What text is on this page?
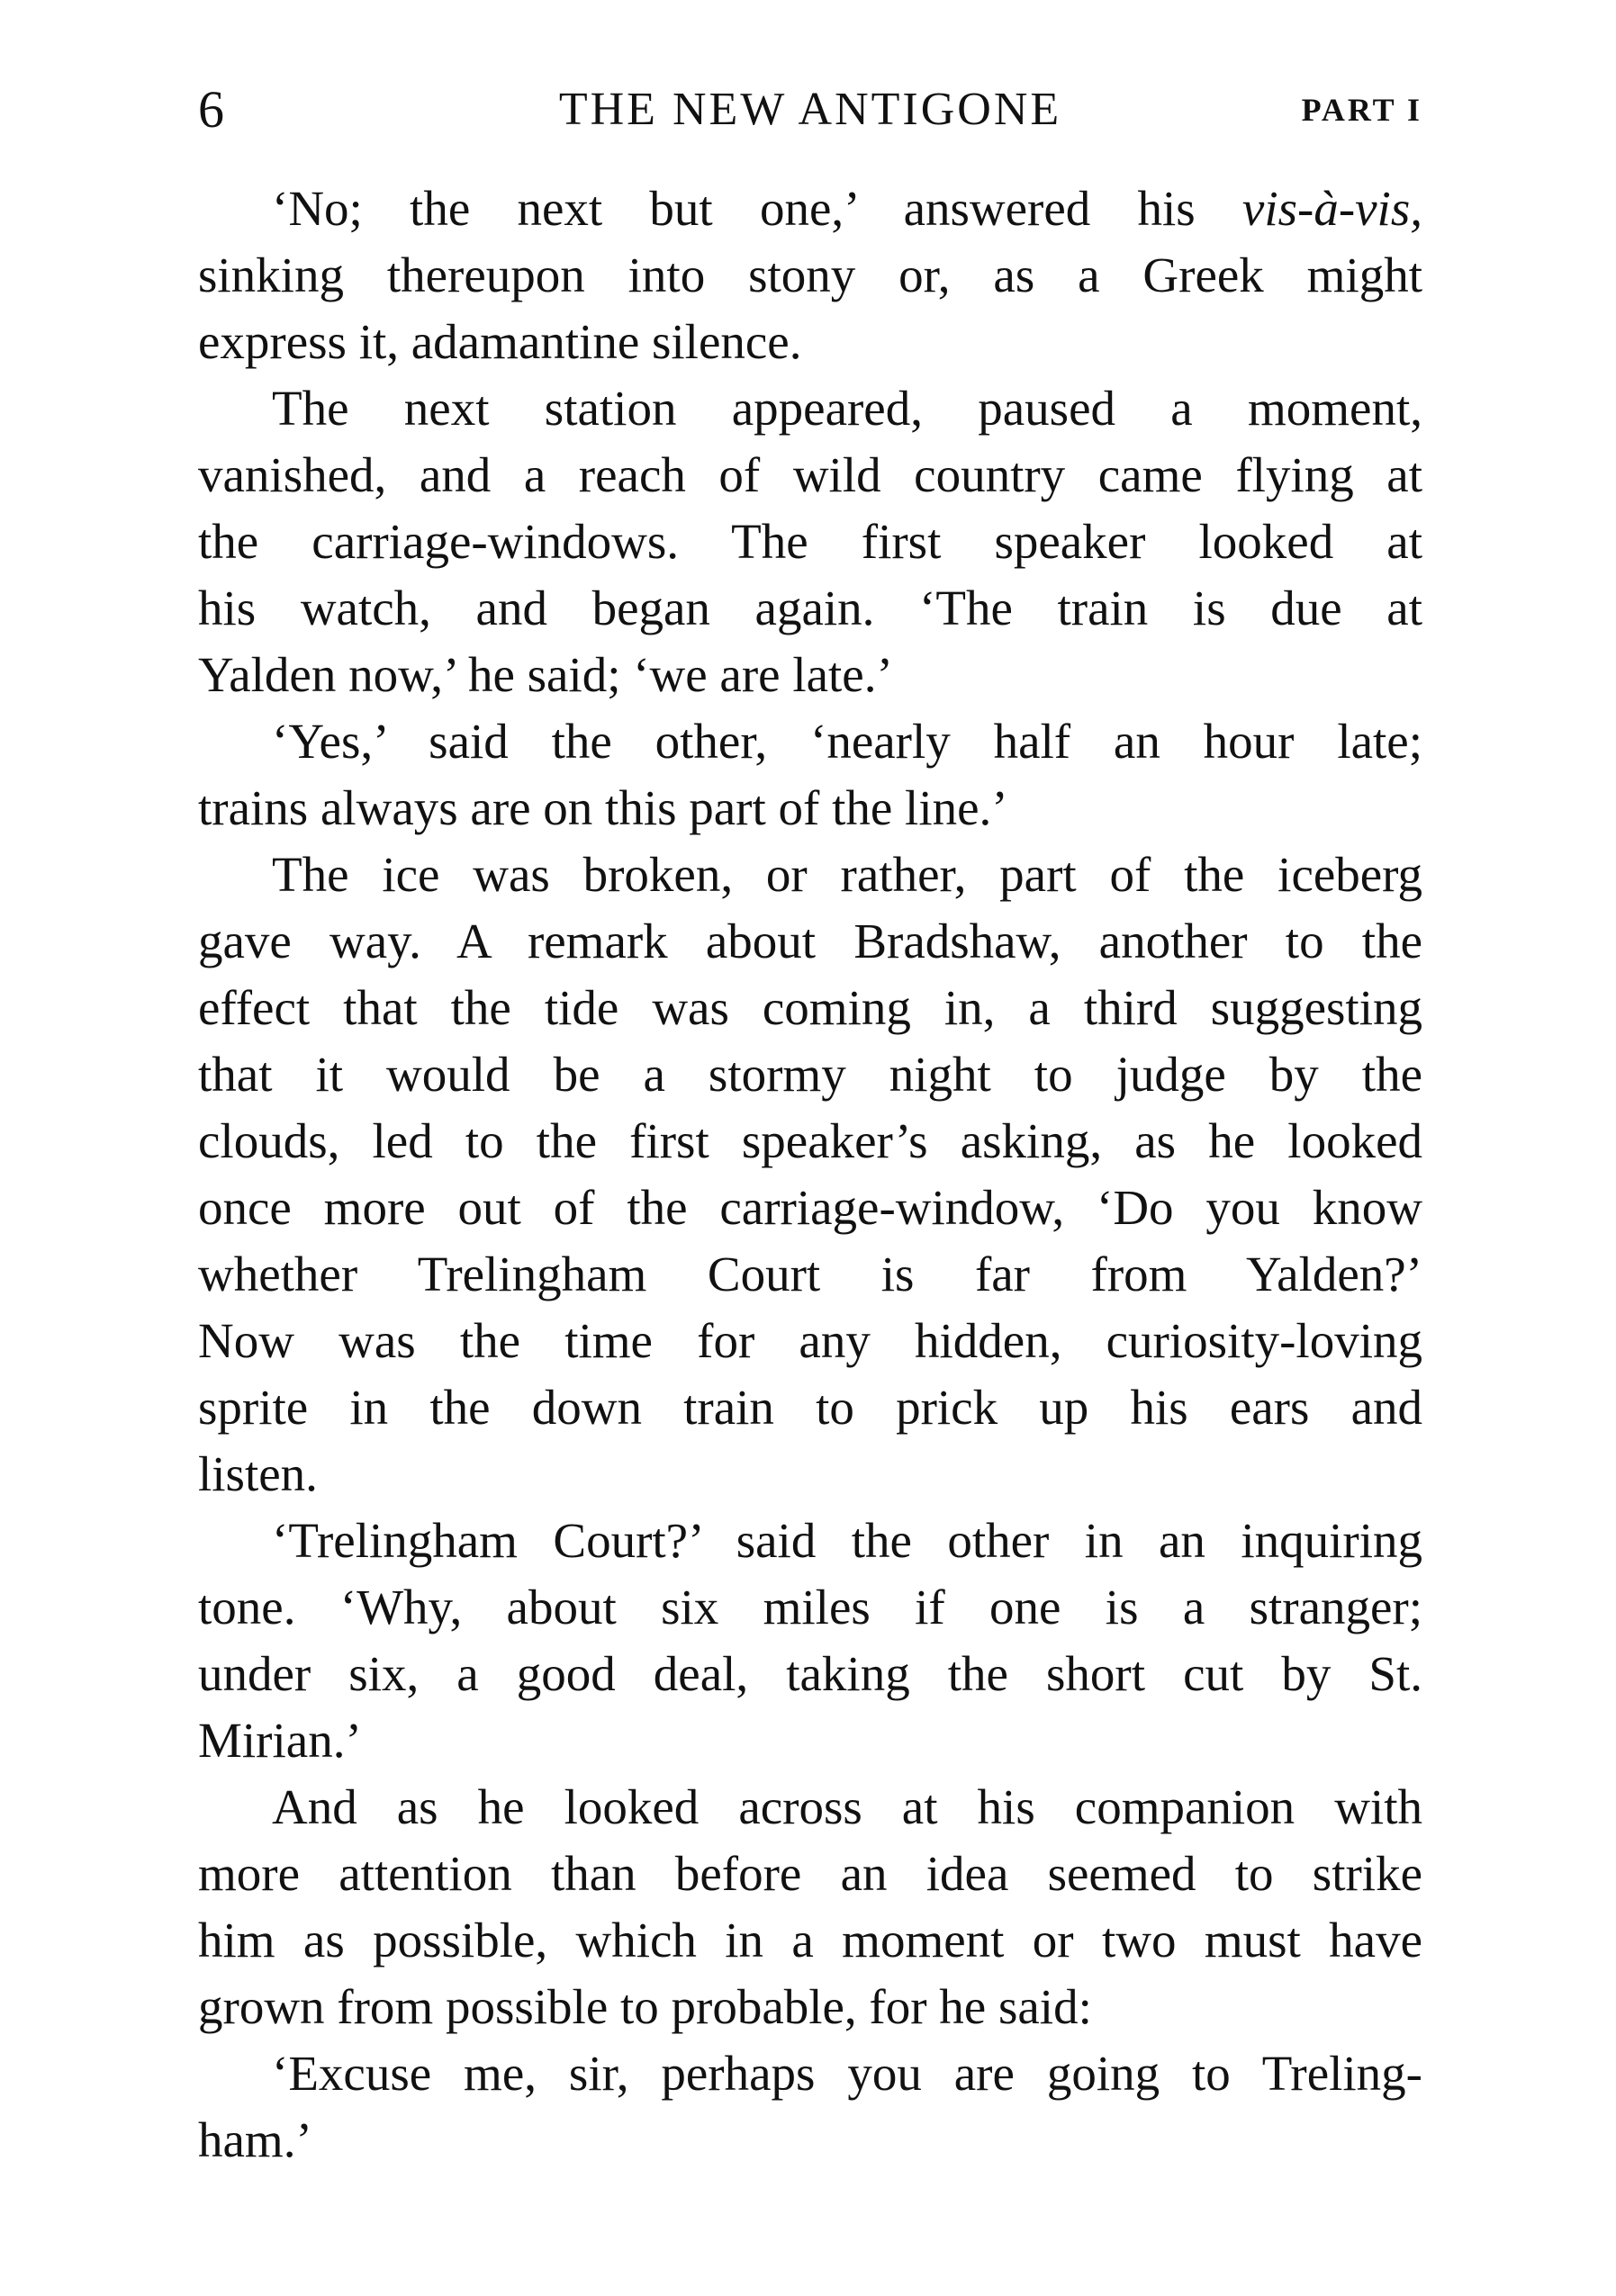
6	THE NEW ANTIGONE	PART I
‘No; the next but one,’ answered his vis-à-vis,
sinking thereupon into stony or, as a Greek might
express it, adamantine silence.
The next station appeared, paused a moment,
vanished, and a reach of wild country came flying at
the carriage-windows. The first speaker looked at
his watch, and began again. ‘The train is due at
Yalden now,’ he said; ‘we are late.’
‘Yes,’ said the other, ‘nearly half an hour late;
trains always are on this part of the line.’
The ice was broken, or rather, part of the iceberg
gave way. A remark about Bradshaw, another to the
effect that the tide was coming in, a third suggesting
that it would be a stormy night to judge by the
clouds, led to the first speaker’s asking, as he looked
once more out of the carriage-window, ‘Do you know
whether Trelingham Court is far from Yalden?’
Now was the time for any hidden, curiosity-loving
sprite in the down train to prick up his ears and
listen.
‘Trelingham Court?’ said the other in an inquiring
tone. ‘Why, about six miles if one is a stranger;
under six, a good deal, taking the short cut by St.
Mirian.’
And as he looked across at his companion with
more attention than before an idea seemed to strike
him as possible, which in a moment or two must have
grown from possible to probable, for he said:
‘Excuse me, sir, perhaps you are going to Treling-
ham.’
